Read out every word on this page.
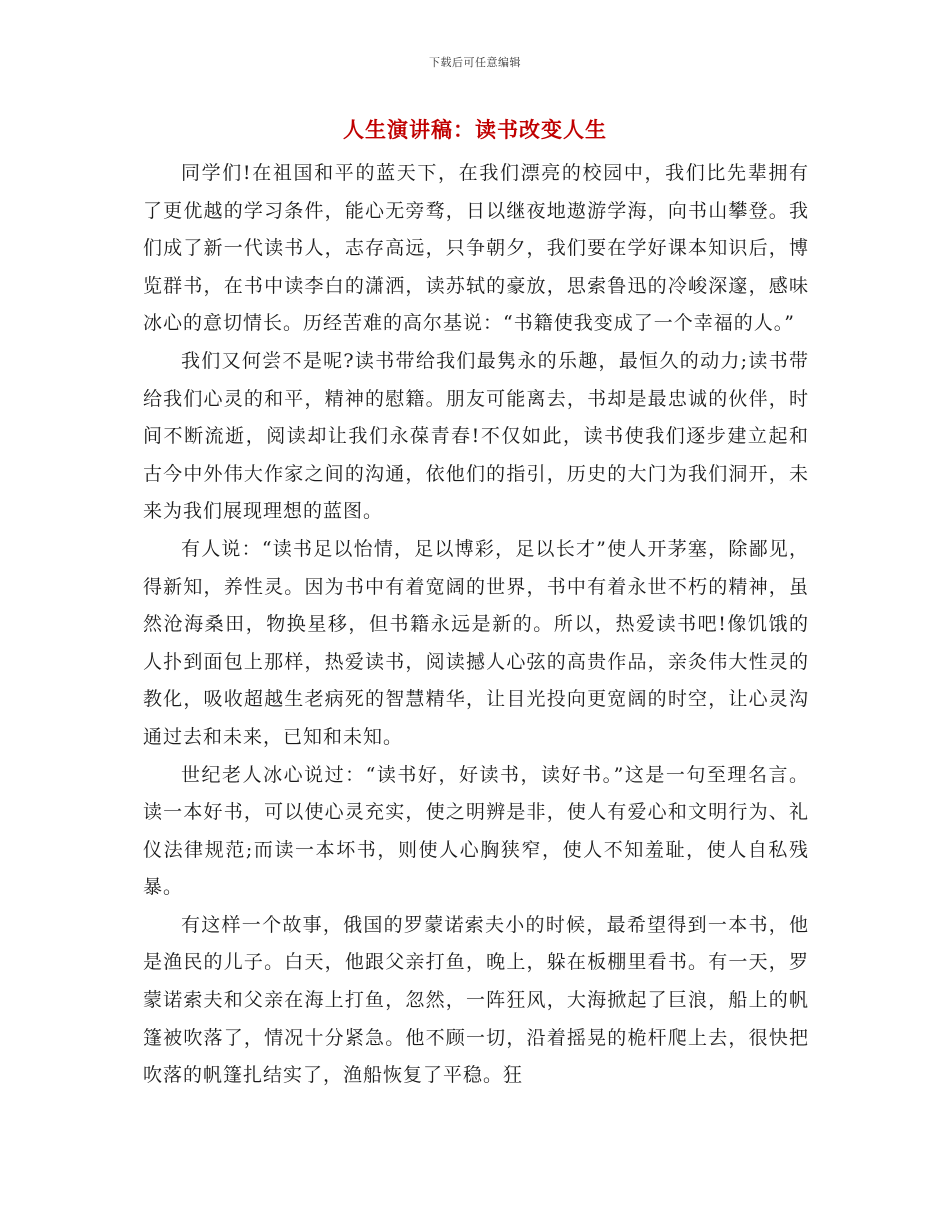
下载后可任意编辑
人生演讲稿：读书改变人生

同学们!在祖国和平的蓝天下，在我们漂亮的校园中，我们比先辈拥有了更优越的学习条件，能心无旁骛，日以继夜地遨游学海，向书山攀登。我们成了新一代读书人，志存高远，只争朝夕，我们要在学好课本知识后，博览群书，在书中读李白的潇洒，读苏轼的豪放，思索鲁迅的冷峻深邃，感味冰心的意切情长。历经苦难的高尔基说：“书籍使我变成了一个幸福的人。”

我们又何尝不是呢?读书带给我们最隽永的乐趣，最恒久的动力;读书带给我们心灵的和平，精神的慰籍。朋友可能离去，书却是最忠诚的伙伴，时间不断流逝，阅读却让我们永葆青春!不仅如此，读书使我们逐步建立起和古今中外伟大作家之间的沟通，依他们的指引，历史的大门为我们洞开，未来为我们展现理想的蓝图。

有人说：“读书足以怡情，足以博彩，足以长才”使人开茅塞，除鄙见，得新知，养性灵。因为书中有着宽阔的世界，书中有着永世不朽的精神，虽然沧海桑田，物换星移，但书籍永远是新的。所以，热爱读书吧!像饥饿的人扑到面包上那样，热爱读书，阅读撼人心弦的高贵作品，亲灸伟大性灵的教化，吸收超越生老病死的智慧精华，让目光投向更宽阔的时空，让心灵沟通过去和未来，已知和未知。

世纪老人冰心说过：“读书好，好读书，读好书。”这是一句至理名言。读一本好书，可以使心灵充实，使之明辨是非，使人有爱心和文明行为、礼仪法律规范;而读一本坏书，则使人心胸狭窄，使人不知羞耻，使人自私残暴。

有这样一个故事，俄国的罗蒙诺索夫小的时候，最希望得到一本书，他是渔民的儿子。白天，他跟父亲打鱼，晚上，躲在板棚里看书。有一天，罗蒙诺索夫和父亲在海上打鱼，忽然，一阵狂风，大海掀起了巨浪，船上的帆篷被吹落了，情况十分紧急。他不顾一切，沿着摇晃的桅杆爬上去，很快把吹落的帆篷扎结实了，渔船恢复了平稳。狂
